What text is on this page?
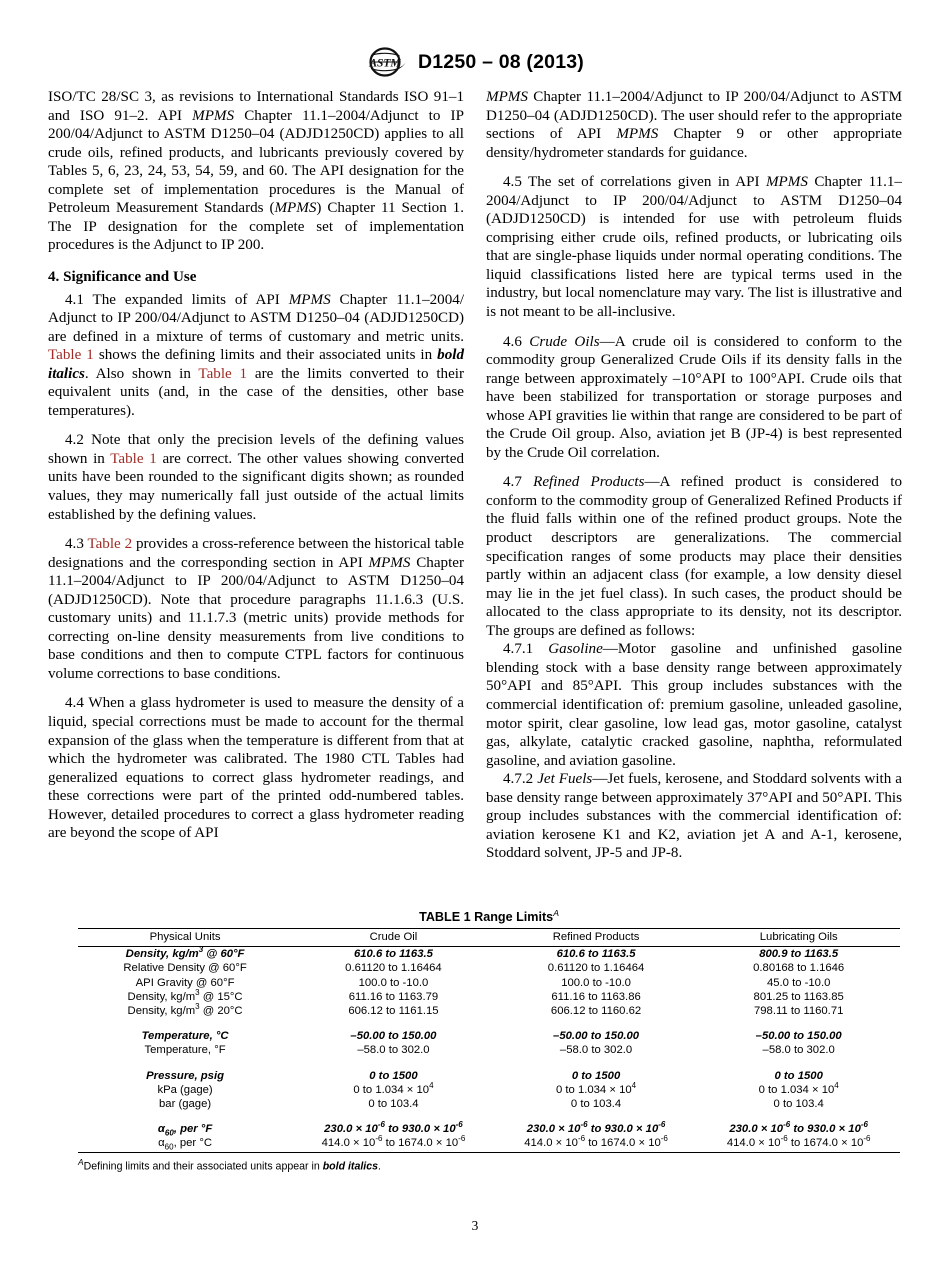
ASTM D1250 – 08 (2013)

ISO/TC 28/SC 3, as revisions to International Standards ISO 91–1 and ISO 91–2. API MPMS Chapter 11.1–2004/Adjunct to IP 200/04/Adjunct to ASTM D1250–04 (ADJD1250CD) applies to all crude oils, refined products, and lubricants previously covered by Tables 5, 6, 23, 24, 53, 54, 59, and 60. The API designation for the complete set of implementation procedures is the Manual of Petroleum Measurement Standards (MPMS) Chapter 11 Section 1. The IP designation for the complete set of implementation procedures is the Adjunct to IP 200.

4. Significance and Use

4.1 The expanded limits of API MPMS Chapter 11.1–2004/ Adjunct to IP 200/04/Adjunct to ASTM D1250–04 (ADJD1250CD) are defined in a mixture of terms of customary and metric units. Table 1 shows the defining limits and their associated units in bold italics. Also shown in Table 1 are the limits converted to their equivalent units (and, in the case of the densities, other base temperatures).

4.2 Note that only the precision levels of the defining values shown in Table 1 are correct. The other values showing converted units have been rounded to the significant digits shown; as rounded values, they may numerically fall just outside of the actual limits established by the defining values.

4.3 Table 2 provides a cross-reference between the historical table designations and the corresponding section in API MPMS Chapter 11.1–2004/Adjunct to IP 200/04/Adjunct to ASTM D1250–04 (ADJD1250CD). Note that procedure paragraphs 11.1.6.3 (U.S. customary units) and 11.1.7.3 (metric units) provide methods for correcting on-line density measurements from live conditions to base conditions and then to compute CTPL factors for continuous volume corrections to base conditions.

4.4 When a glass hydrometer is used to measure the density of a liquid, special corrections must be made to account for the thermal expansion of the glass when the temperature is different from that at which the hydrometer was calibrated. The 1980 CTL Tables had generalized equations to correct glass hydrometer readings, and these corrections were part of the printed odd-numbered tables. However, detailed procedures to correct a glass hydrometer reading are beyond the scope of API

MPMS Chapter 11.1–2004/Adjunct to IP 200/04/Adjunct to ASTM D1250–04 (ADJD1250CD). The user should refer to the appropriate sections of API MPMS Chapter 9 or other appropriate density/hydrometer standards for guidance.

4.5 The set of correlations given in API MPMS Chapter 11.1–2004/Adjunct to IP 200/04/Adjunct to ASTM D1250–04 (ADJD1250CD) is intended for use with petroleum fluids comprising either crude oils, refined products, or lubricating oils that are single-phase liquids under normal operating conditions. The liquid classifications listed here are typical terms used in the industry, but local nomenclature may vary. The list is illustrative and is not meant to be all-inclusive.

4.6 Crude Oils—A crude oil is considered to conform to the commodity group Generalized Crude Oils if its density falls in the range between approximately –10°API to 100°API. Crude oils that have been stabilized for transportation or storage purposes and whose API gravities lie within that range are considered to be part of the Crude Oil group. Also, aviation jet B (JP-4) is best represented by the Crude Oil correlation.

4.7 Refined Products—A refined product is considered to conform to the commodity group of Generalized Refined Products if the fluid falls within one of the refined product groups. Note the product descriptors are generalizations. The commercial specification ranges of some products may place their densities partly within an adjacent class (for example, a low density diesel may lie in the jet fuel class). In such cases, the product should be allocated to the class appropriate to its density, not its descriptor. The groups are defined as follows:

4.7.1 Gasoline—Motor gasoline and unfinished gasoline blending stock with a base density range between approximately 50°API and 85°API. This group includes substances with the commercial identification of: premium gasoline, unleaded gasoline, motor spirit, clear gasoline, low lead gas, motor gasoline, catalyst gas, alkylate, catalytic cracked gasoline, naphtha, reformulated gasoline, and aviation gasoline.

4.7.2 Jet Fuels—Jet fuels, kerosene, and Stoddard solvents with a base density range between approximately 37°API and 50°API. This group includes substances with the commercial identification of: aviation kerosene K1 and K2, aviation jet A and A-1, kerosene, Stoddard solvent, JP-5 and JP-8.

TABLE 1 Range Limits$^A$
Physical Units	Crude Oil	Refined Products	Lubricating Oils
Density, $kg/m^3$ @ 60°F	610.6 to 1163.5	610.6 to 1163.5	800.9 to 1163.5
Relative Density @ 60°F	0.61120 to 1.16464	0.61120 to 1.16464	0.80168 to 1.1646
API Gravity @ 60°F	100.0 to -10.0	100.0 to -10.0	45.0 to -10.0
Density, $kg/m^3$ @ 15°C	611.16 to 1163.79	611.16 to 1163.86	801.25 to 1163.85
Density, $kg/m^3$ @ 20°C	606.12 to 1161.15	606.12 to 1160.62	798.11 to 1160.71

Temperature, °C	–50.00 to 150.00	–50.00 to 150.00	–50.00 to 150.00
Temperature, °F	–58.0 to 302.0	–58.0 to 302.0	–58.0 to 302.0

Pressure, psig	0 to 1500	0 to 1500	0 to 1500
kPa (gage)	0 to $1.034 \times 10^4$	0 to $1.034 \times 10^4$	0 to $1.034 \times 10^4$
bar (gage)	0 to 103.4	0 to 103.4	0 to 103.4

$\alpha_{60}$, per °F	$230.0 \times 10^{-6}$ to $930.0 \times 10^{-6}$	$230.0 \times 10^{-6}$ to $930.0 \times 10^{-6}$	$230.0 \times 10^{-6}$ to $930.0 \times 10^{-6}$
$\alpha_{60}$, per °C	$414.0 \times 10^{-6}$ to $1674.0 \times 10^{-6}$	$414.0 \times 10^{-6}$ to $1674.0 \times 10^{-6}$	$414.0 \times 10^{-6}$ to $1674.0 \times 10^{-6}$
$^A$Defining limits and their associated units appear in bold italics.
3
